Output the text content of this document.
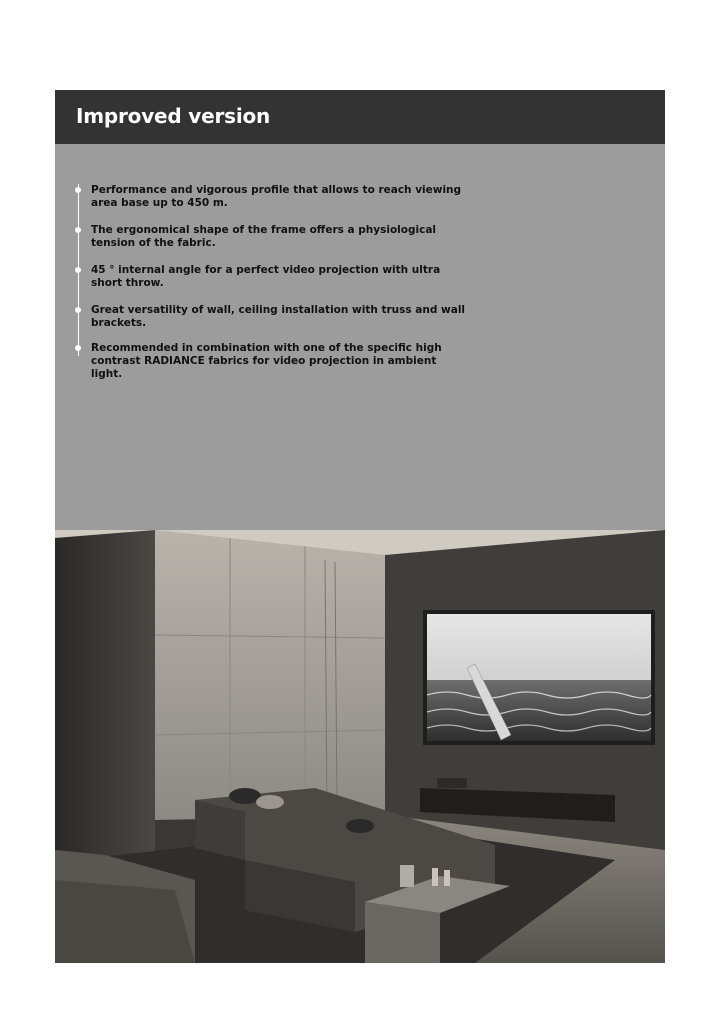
Improved version

Performance and vigorous profile that allows to reach viewing area base up to 450 m.

The ergonomical shape of the frame offers a physiological tension of the fabric.

45 ° internal angle for a perfect video projection with ultra short throw.

Great versatility of wall, ceiling installation with truss and wall brackets.

Recommended in combination with one of the specific high contrast RADIANCE fabrics for video projection in ambient light.
